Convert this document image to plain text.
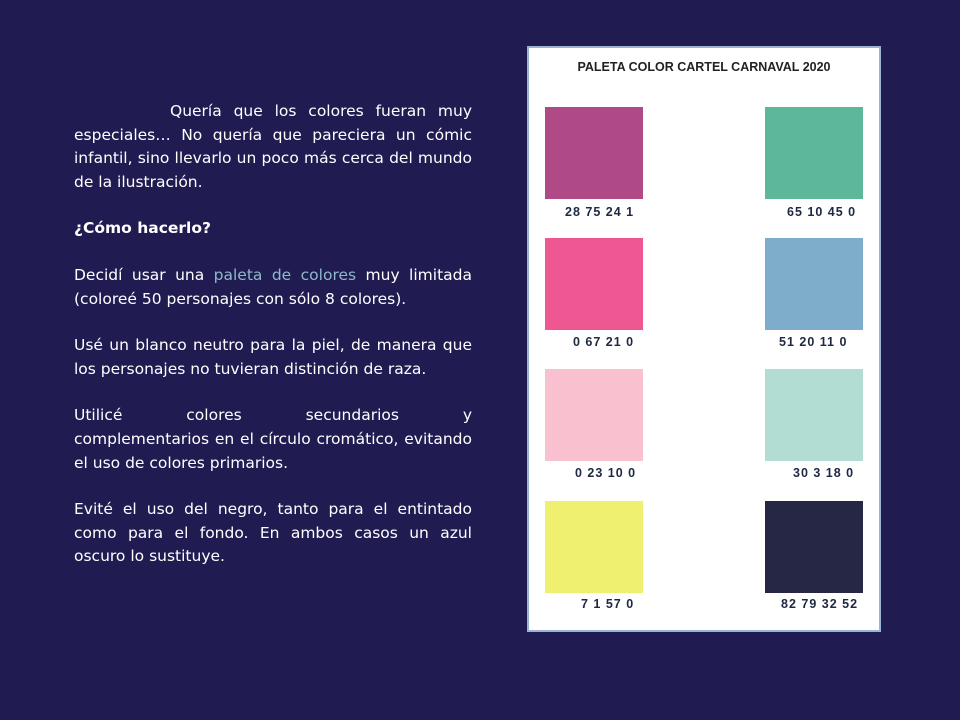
Quería que los colores fueran muy especiales… No quería que pareciera un cómic infantil, sino llevarlo un poco más cerca del mundo de la ilustración.

¿Cómo hacerlo?

Decidí usar una paleta de colores muy limitada (coloreé 50 personajes con sólo 8 colores).

Usé un blanco neutro para la piel, de manera que los personajes no tuvieran distinción de raza.

Utilicé colores secundarios y
complementarios en el círculo cromático, evitando el uso de colores primarios.

Evité el uso del negro, tanto para el entintado como para el fondo. En ambos casos un azul oscuro lo sustituye.

PALETA COLOR CARTEL CARNAVAL 2020
28 75 24 1	65 10 45 0
0 67 21 0	51 20 11 0
0 23 10 0	30 3 18 0
7 1 57 0	82 79 32 52
